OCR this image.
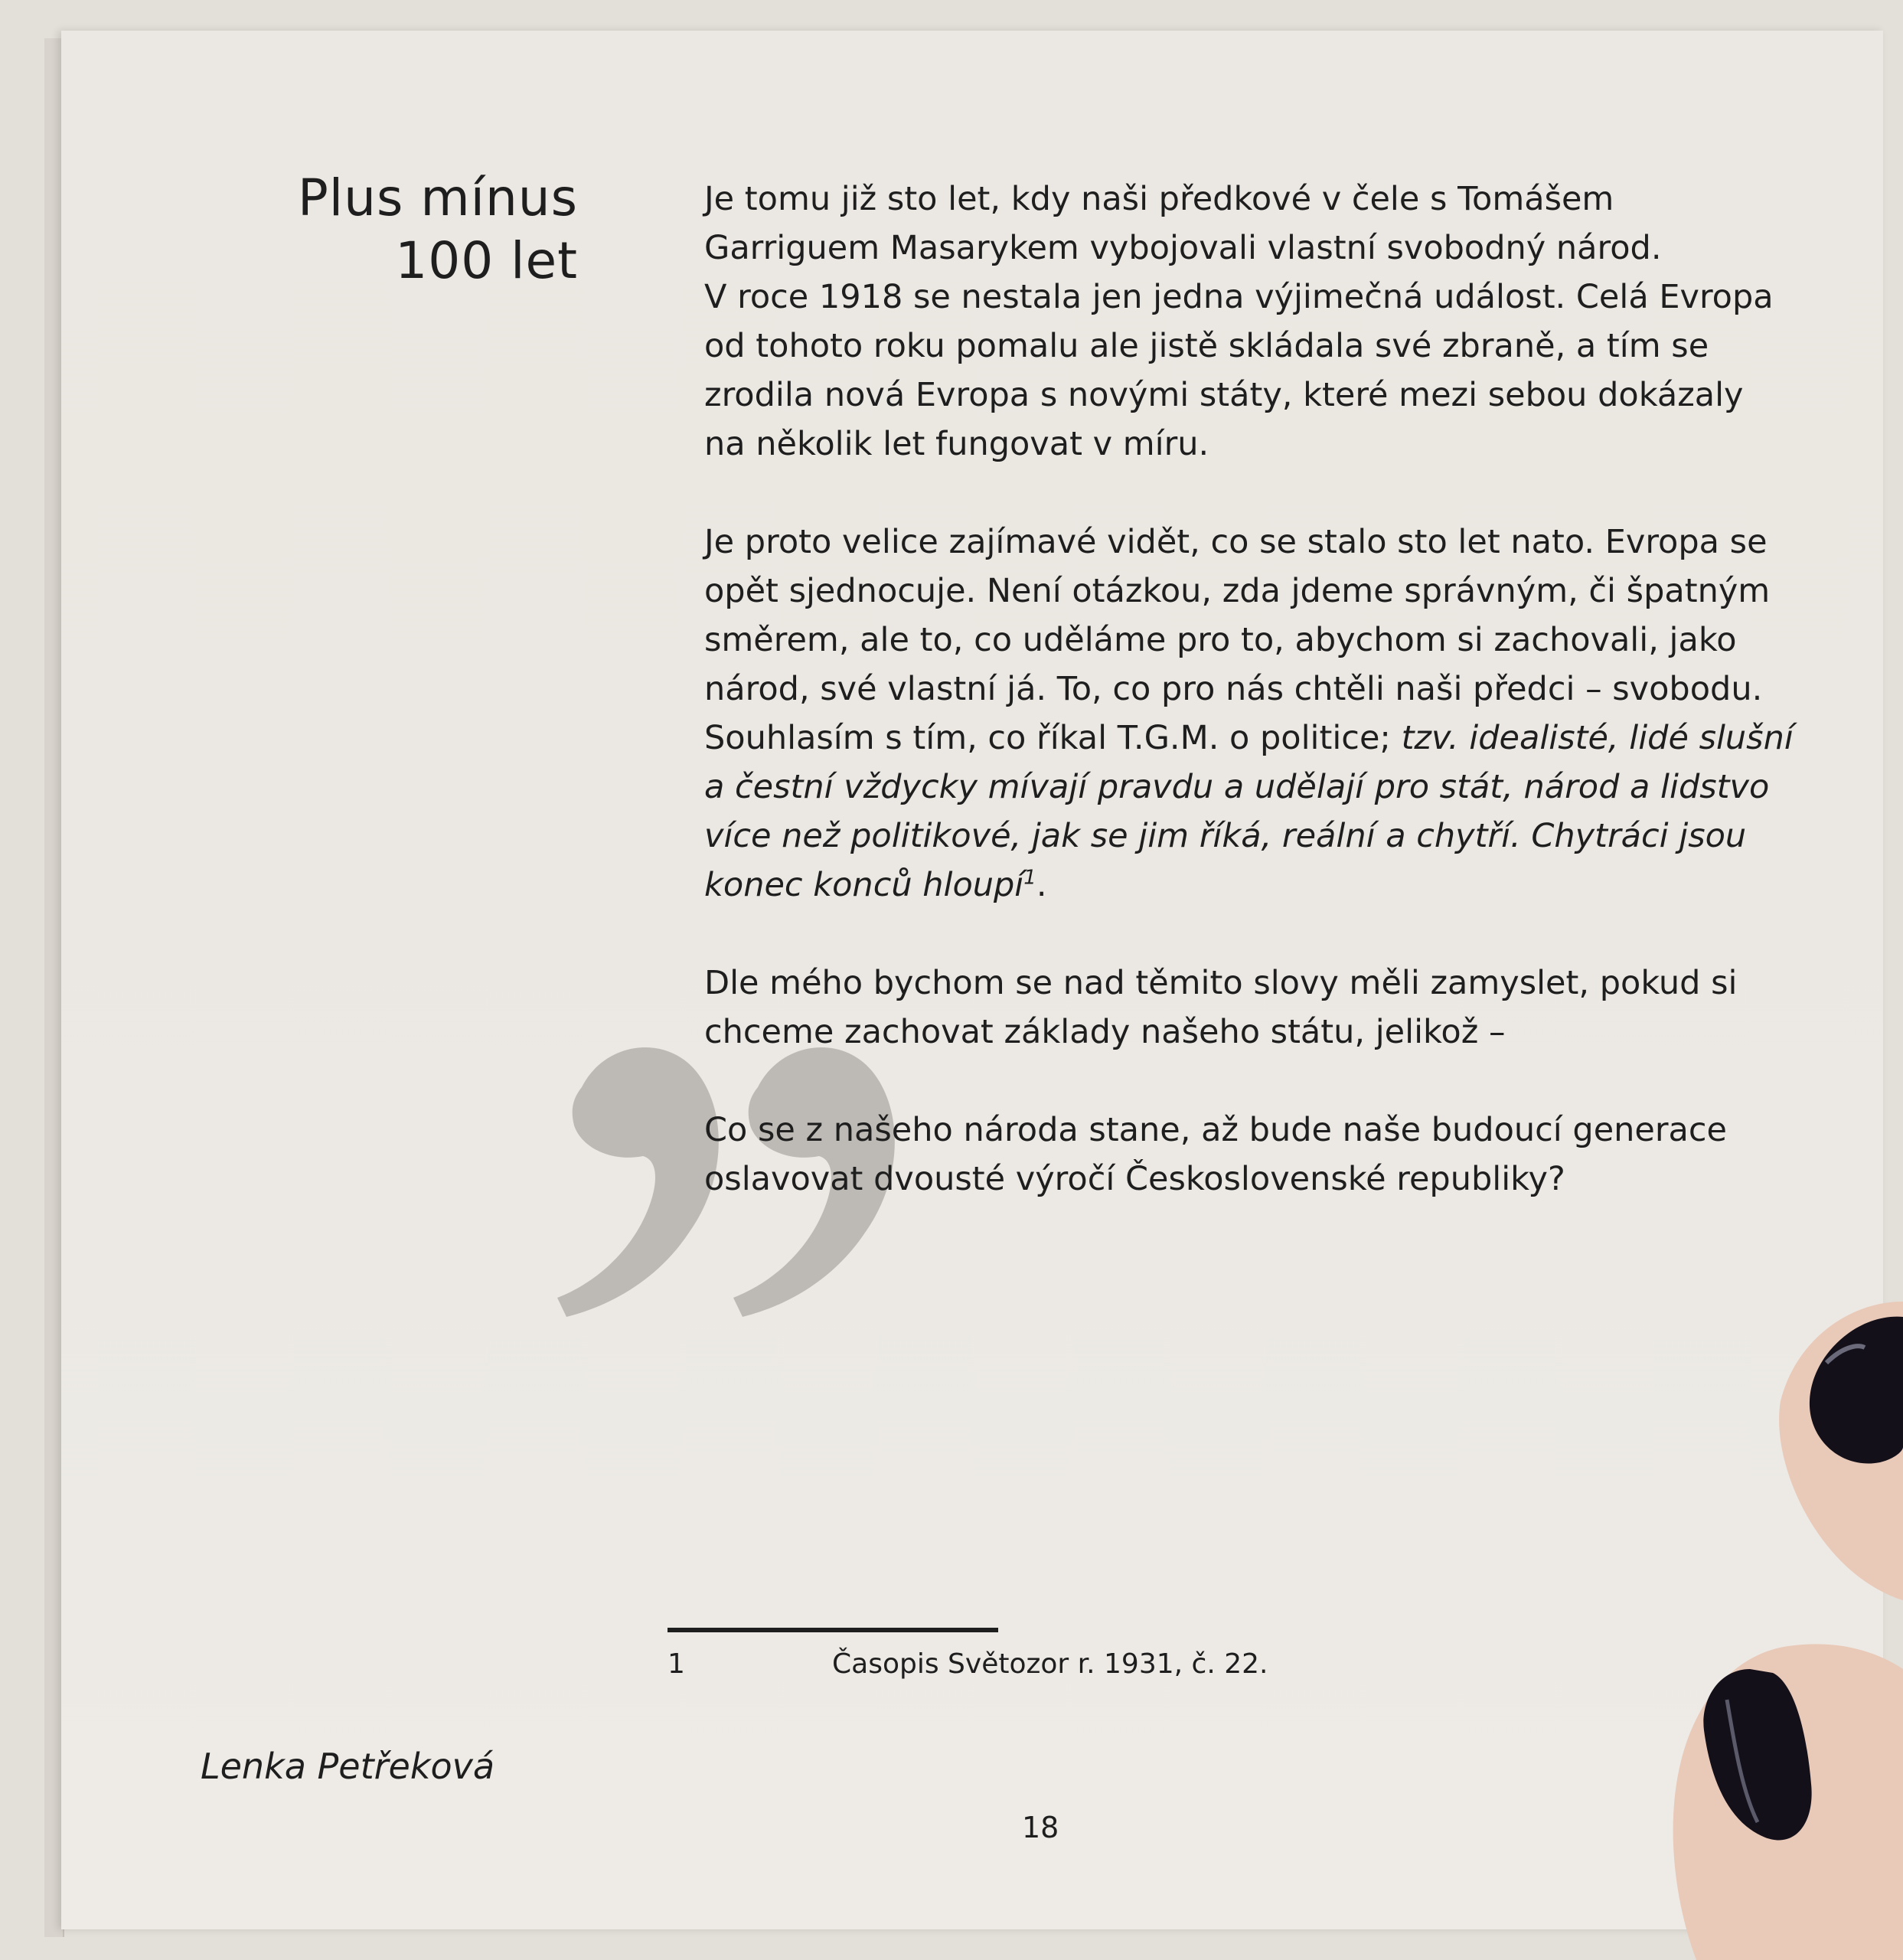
Plus mínus
100 let

Je tomu již sto let, kdy naši předkové v čele s Tomášem
Garriguem Masarykem vybojovali vlastní svobodný národ.
V roce 1918 se nestala jen jedna výjimečná událost. Celá Evropa
od tohoto roku pomalu ale jistě skládala své zbraně, a tím se
zrodila nová Evropa s novými státy, které mezi sebou dokázaly
na několik let fungovat v míru.

Je proto velice zajímavé vidět, co se stalo sto let nato. Evropa se
opět sjednocuje. Není otázkou, zda jdeme správným, či špatným
směrem, ale to, co uděláme pro to, abychom si zachovali, jako
národ, své vlastní já. To, co pro nás chtěli naši předci – svobodu.
Souhlasím s tím, co říkal T.G.M. o politice; tzv. idealisté, lidé slušní
a čestní vždycky mívají pravdu a udělají pro stát, národ a lidstvo
více než politikové, jak se jim říká, reální a chytří. Chytráci jsou
konec konců hloupí$^1$.

Dle mého bychom se nad těmito slovy měli zamyslet, pokud si
chceme zachovat základy našeho státu, jelikož –

Co se z našeho národa stane, až bude naše budoucí generace
oslavovat dvousté výročí Československé republiky?

1	Časopis Světozor r. 1931, č. 22.
Lenka Petřeková
18
